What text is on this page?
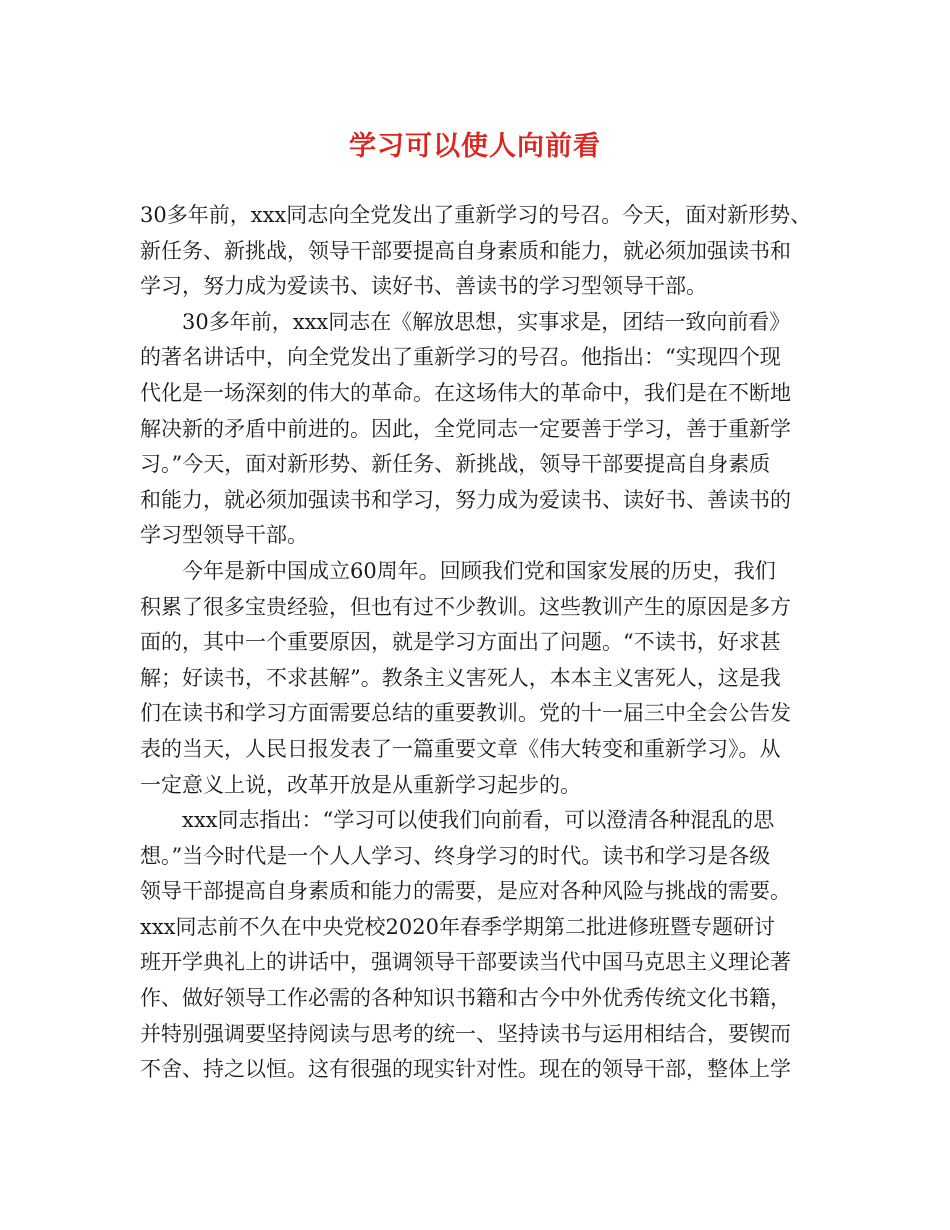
学习可以使人向前看
30多年前，xxx同志向全党发出了重新学习的号召。今天，面对新形势、
新任务、新挑战，领导干部要提高自身素质和能力，就必须加强读书和
学习，努力成为爱读书、读好书、善读书的学习型领导干部。
30多年前，xxx同志在《解放思想，实事求是，团结一致向前看》
的著名讲话中，向全党发出了重新学习的号召。他指出：“实现四个现
代化是一场深刻的伟大的革命。在这场伟大的革命中，我们是在不断地
解决新的矛盾中前进的。因此，全党同志一定要善于学习，善于重新学
习。”今天，面对新形势、新任务、新挑战，领导干部要提高自身素质
和能力，就必须加强读书和学习，努力成为爱读书、读好书、善读书的
学习型领导干部。
今年是新中国成立60周年。回顾我们党和国家发展的历史，我们
积累了很多宝贵经验，但也有过不少教训。这些教训产生的原因是多方
面的，其中一个重要原因，就是学习方面出了问题。“不读书，好求甚
解；好读书，不求甚解”。教条主义害死人，本本主义害死人，这是我
们在读书和学习方面需要总结的重要教训。党的十一届三中全会公告发
表的当天，人民日报发表了一篇重要文章《伟大转变和重新学习》。从
一定意义上说，改革开放是从重新学习起步的。
xxx同志指出：“学习可以使我们向前看，可以澄清各种混乱的思
想。”当今时代是一个人人学习、终身学习的时代。读书和学习是各级
领导干部提高自身素质和能力的需要，是应对各种风险与挑战的需要。
xxx同志前不久在中央党校2020年春季学期第二批进修班暨专题研讨
班开学典礼上的讲话中，强调领导干部要读当代中国马克思主义理论著
作、做好领导工作必需的各种知识书籍和古今中外优秀传统文化书籍，
并特别强调要坚持阅读与思考的统一、坚持读书与运用相结合，要锲而
不舍、持之以恒。这有很强的现实针对性。现在的领导干部，整体上学
